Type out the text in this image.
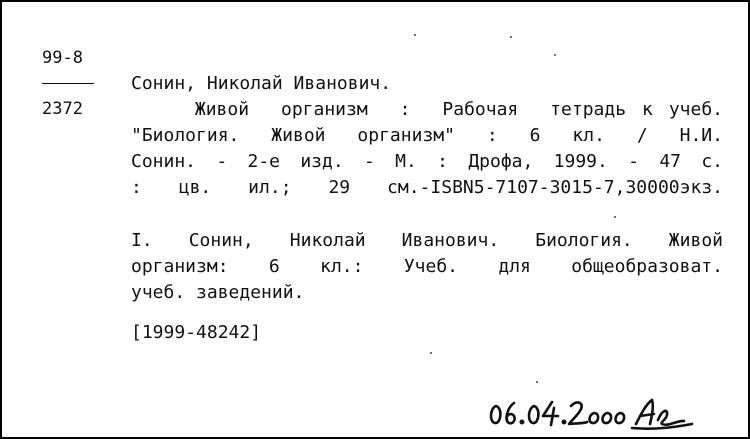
99-8
2372
Сонин, Николай Иванович.
Живой  организм  :  Рабочая  тетрадь к учеб.
"Биология. Живой организм" : 6 кл. / Н.И.
Сонин. - 2-е изд. - М. : Дрофа, 1999. - 47 с.
: цв. ил.; 29 см.-ISBN5-7107-3015-7,30000экз.
I. Сонин, Николай Иванович. Биология. Живой
организм: 6 кл.: Учеб. для общеобразоват.
учеб. заведений.
[1999-48242]
